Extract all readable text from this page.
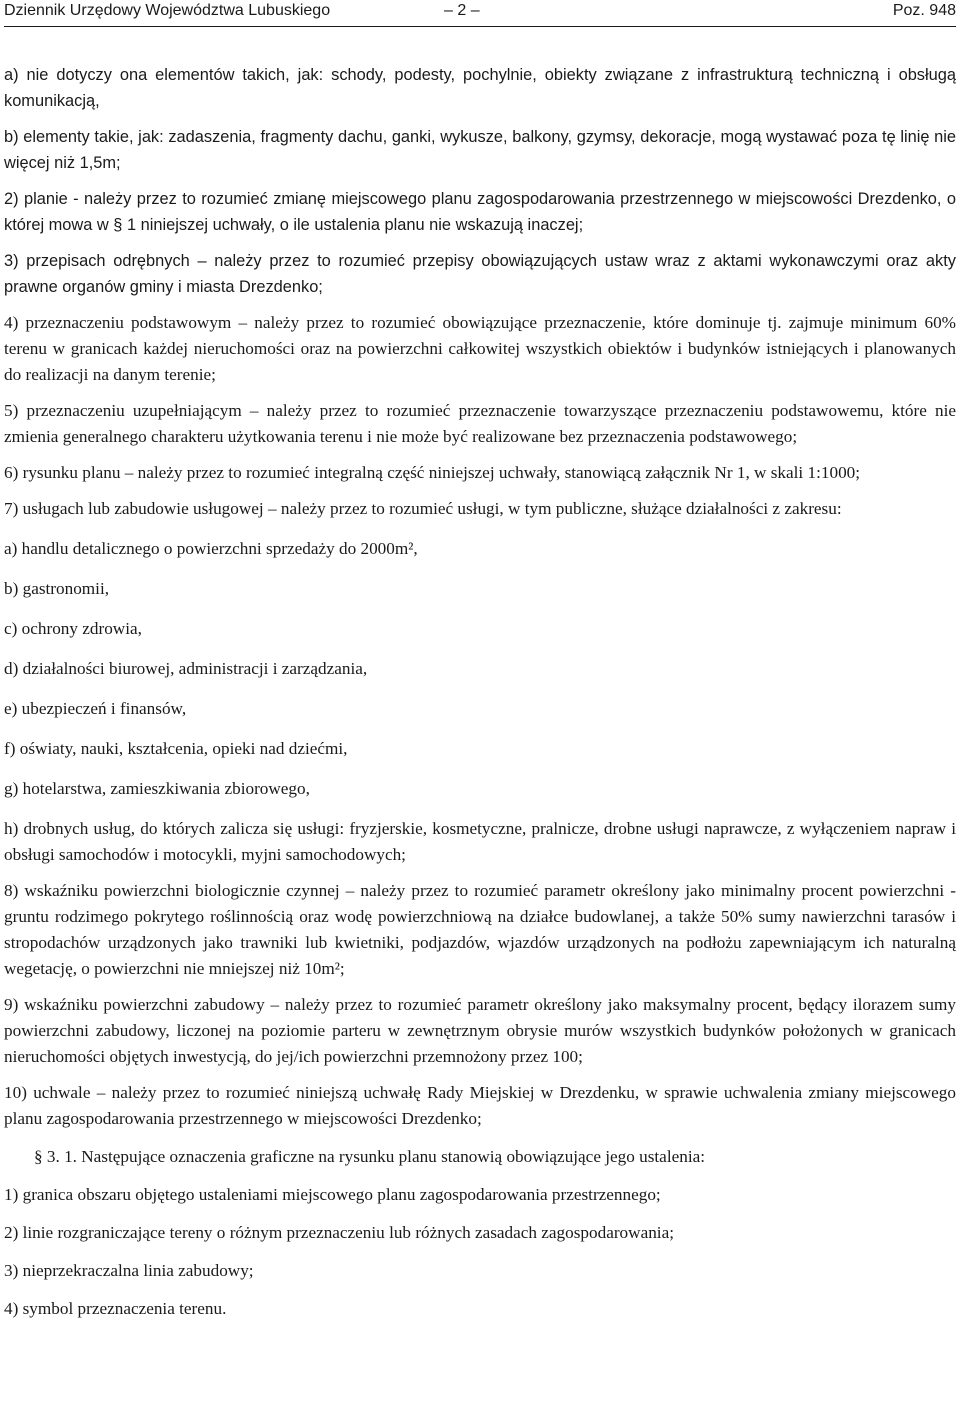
Dziennik Urzędowy Województwa Lubuskiego	– 2 –	Poz. 948

a) nie dotyczy ona elementów takich, jak: schody, podesty, pochylnie, obiekty związane z infrastrukturą techniczną i obsługą komunikacją,

b) elementy takie, jak: zadaszenia, fragmenty dachu, ganki, wykusze, balkony, gzymsy, dekoracje, mogą wystawać poza tę linię nie więcej niż 1,5m;

2) planie - należy przez to rozumieć zmianę miejscowego planu zagospodarowania przestrzennego w miejscowości Drezdenko, o której mowa w § 1 niniejszej uchwały, o ile ustalenia planu nie wskazują inaczej;

3) przepisach odrębnych – należy przez to rozumieć przepisy obowiązujących ustaw wraz z aktami wykonawczymi oraz akty prawne organów gminy i miasta Drezdenko;

4) przeznaczeniu podstawowym – należy przez to rozumieć obowiązujące przeznaczenie, które dominuje tj. zajmuje minimum 60% terenu w granicach każdej nieruchomości oraz na powierzchni całkowitej wszystkich obiektów i budynków istniejących i planowanych do realizacji na danym terenie;

5) przeznaczeniu uzupełniającym – należy przez to rozumieć przeznaczenie towarzyszące przeznaczeniu podstawowemu, które nie zmienia generalnego charakteru użytkowania terenu i nie może być realizowane bez przeznaczenia podstawowego;

6) rysunku planu – należy przez to rozumieć integralną część niniejszej uchwały, stanowiącą załącznik Nr 1, w skali 1:1000;

7) usługach lub zabudowie usługowej – należy przez to rozumieć usługi, w tym publiczne, służące działalności z zakresu:

a) handlu detalicznego o powierzchni sprzedaży do 2000m²,

b) gastronomii,

c) ochrony zdrowia,

d) działalności biurowej, administracji i zarządzania,

e) ubezpieczeń i finansów,

f) oświaty, nauki, kształcenia, opieki nad dziećmi,

g) hotelarstwa, zamieszkiwania zbiorowego,

h) drobnych usług, do których zalicza się usługi: fryzjerskie, kosmetyczne, pralnicze, drobne usługi naprawcze, z wyłączeniem napraw i obsługi samochodów i motocykli, myjni samochodowych;

8) wskaźniku powierzchni biologicznie czynnej – należy przez to rozumieć parametr określony jako minimalny procent powierzchni - gruntu rodzimego pokrytego roślinnością oraz wodę powierzchniową na działce budowlanej, a także 50% sumy nawierzchni tarasów i stropodachów urządzonych jako trawniki lub kwietniki, podjazdów, wjazdów urządzonych na podłożu zapewniającym ich naturalną wegetację, o powierzchni nie mniejszej niż 10m²;

9) wskaźniku powierzchni zabudowy – należy przez to rozumieć parametr określony jako maksymalny procent, będący ilorazem sumy powierzchni zabudowy, liczonej na poziomie parteru w zewnętrznym obrysie murów wszystkich budynków położonych w granicach nieruchomości objętych inwestycją, do jej/ich powierzchni przemnożony przez 100;

10) uchwale – należy przez to rozumieć niniejszą uchwałę Rady Miejskiej w Drezdenku, w sprawie uchwalenia zmiany miejscowego planu zagospodarowania przestrzennego w miejscowości Drezdenko;

§ 3. 1. Następujące oznaczenia graficzne na rysunku planu stanowią obowiązujące jego ustalenia:

1) granica obszaru objętego ustaleniami miejscowego planu zagospodarowania przestrzennego;

2) linie rozgraniczające tereny o różnym przeznaczeniu lub różnych zasadach zagospodarowania;

3) nieprzekraczalna linia zabudowy;

4) symbol przeznaczenia terenu.
